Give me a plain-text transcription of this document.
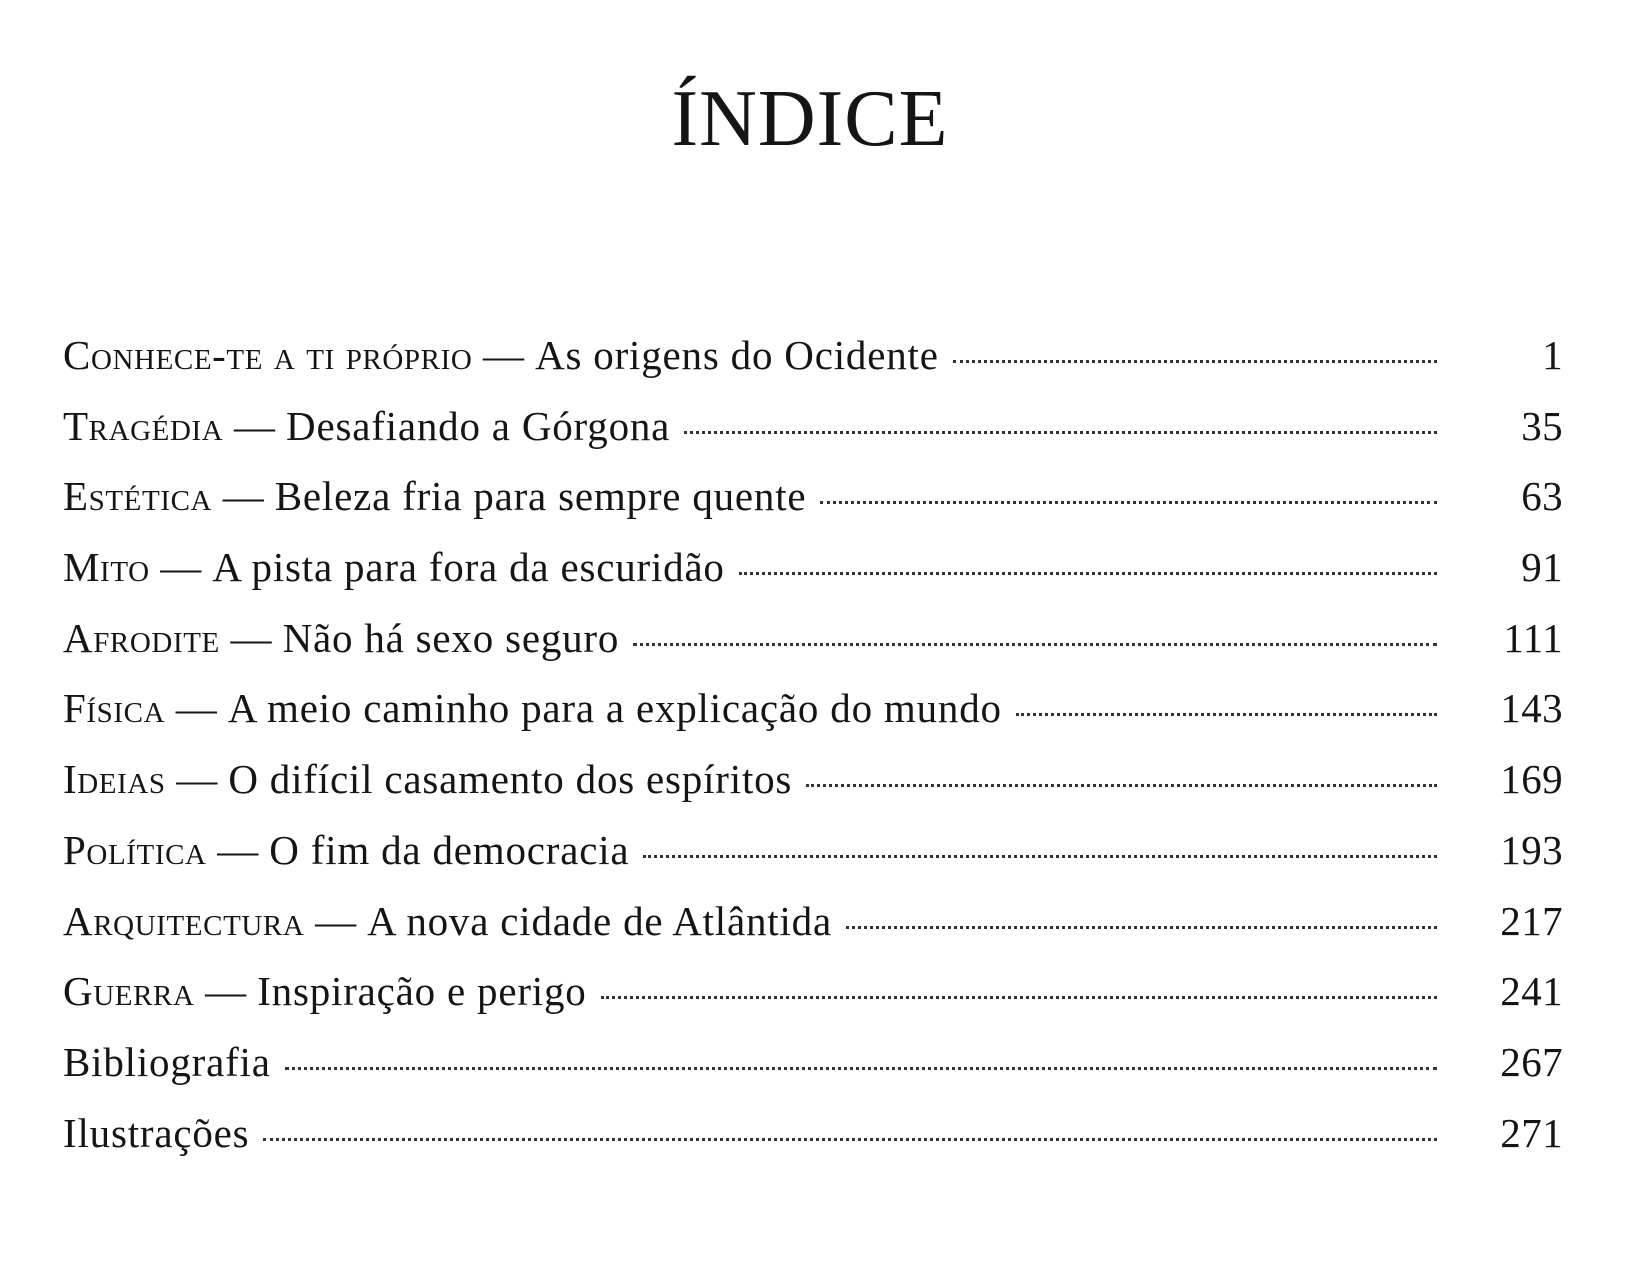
ÍNDICE
Conhece-te a ti próprio — As origens do Ocidente	1
Tragédia — Desafiando a Górgona	35
Estética — Beleza fria para sempre quente	63
Mito — A pista para fora da escuridão	91
Afrodite — Não há sexo seguro	111
Física — A meio caminho para a explicação do mundo	143
Ideias — O difícil casamento dos espíritos	169
Política — O fim da democracia	193
Arquitectura — A nova cidade de Atlântida	217
Guerra — Inspiração e perigo	241
Bibliografia	267
Ilustrações	271
